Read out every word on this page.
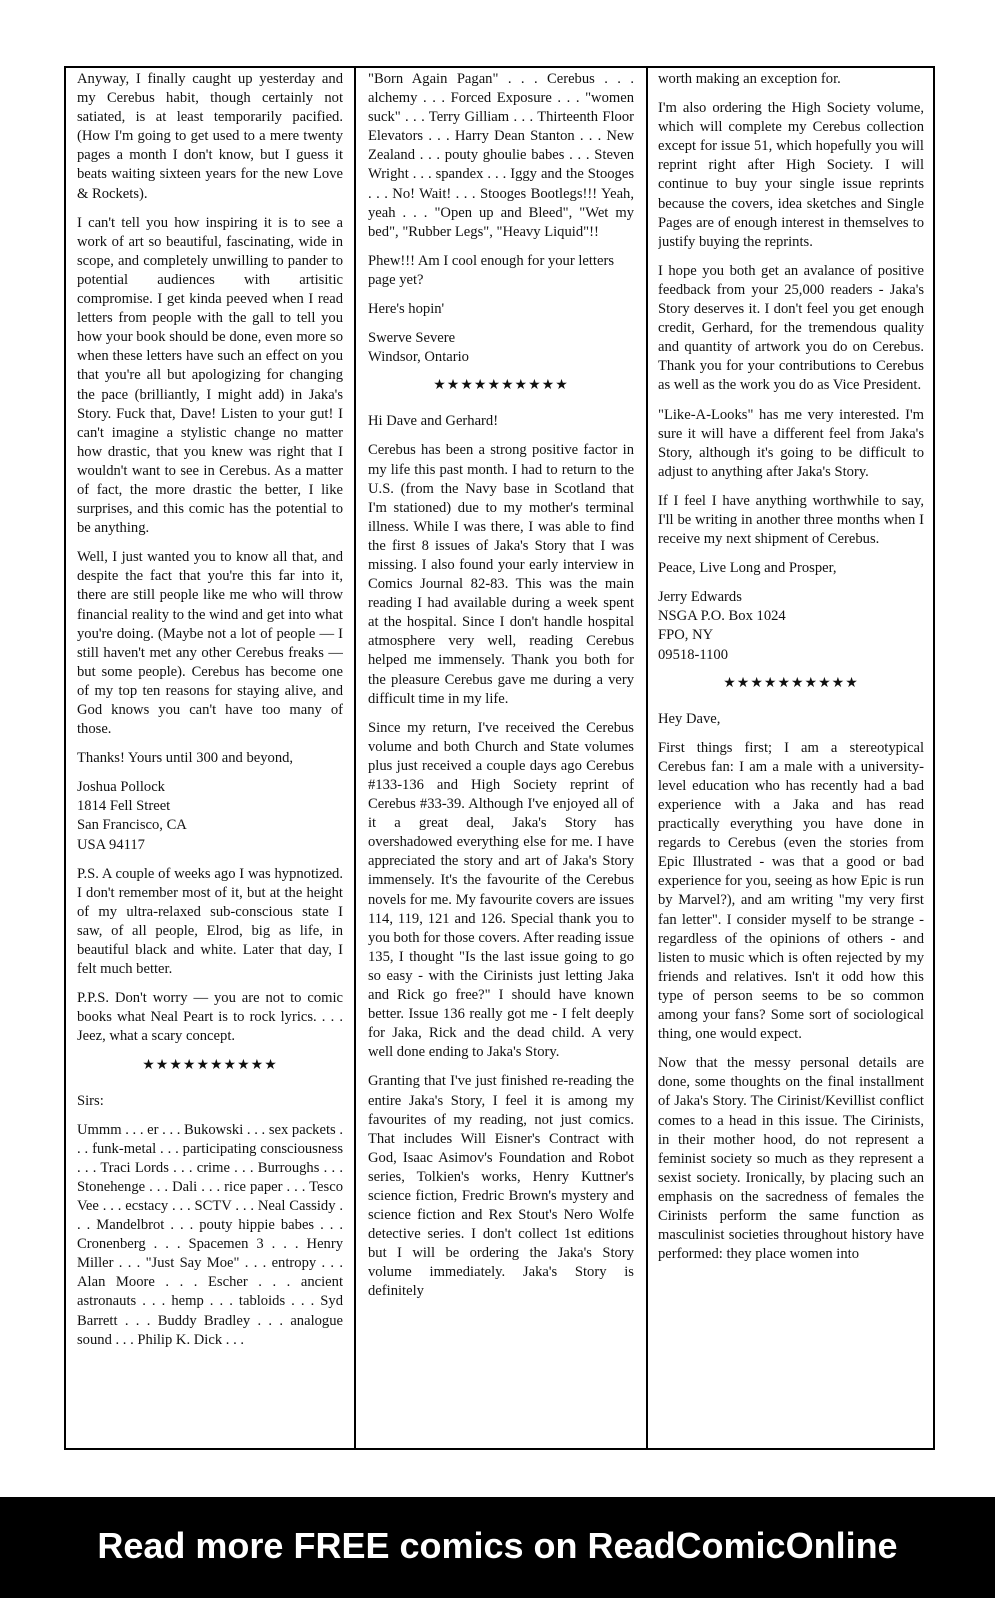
Anyway, I finally caught up yesterday and my Cerebus habit, though certainly not satiated, is at least temporarily pacified. (How I'm going to get used to a mere twenty pages a month I don't know, but I guess it beats waiting sixteen years for the new Love & Rockets).

I can't tell you how inspiring it is to see a work of art so beautiful, fascinating, wide in scope, and completely unwilling to pander to potential audiences with artisitic compromise. I get kinda peeved when I read letters from people with the gall to tell you how your book should be done, even more so when these letters have such an effect on you that you're all but apologizing for changing the pace (brilliantly, I might add) in Jaka's Story. Fuck that, Dave! Listen to your gut! I can't imagine a stylistic change no matter how drastic, that you knew was right that I wouldn't want to see in Cerebus. As a matter of fact, the more drastic the better, I like surprises, and this comic has the potential to be anything.

Well, I just wanted you to know all that, and despite the fact that you're this far into it, there are still people like me who will throw financial reality to the wind and get into what you're doing. (Maybe not a lot of people — I still haven't met any other Cerebus freaks — but some people). Cerebus has become one of my top ten reasons for staying alive, and God knows you can't have too many of those.

Thanks! Yours until 300 and beyond,

Joshua Pollock
1814 Fell Street
San Francisco, CA
USA 94117

P.S. A couple of weeks ago I was hypnotized. I don't remember most of it, but at the height of my ultra-relaxed sub-conscious state I saw, of all people, Elrod, big as life, in beautiful black and white. Later that day, I felt much better.

P.P.S. Don't worry — you are not to comic books what Neal Peart is to rock lyrics. . . . Jeez, what a scary concept.

★★★★★★★★★★

Sirs:

Ummm . . . er . . . Bukowski . . . sex packets . . . funk-metal . . . participating consciousness . . . Traci Lords . . . crime . . . Burroughs . . . Stonehenge . . . Dali . . . rice paper . . . Tesco Vee . . . ecstacy . . . SCTV . . . Neal Cassidy . . . Mandelbrot . . . pouty hippie babes . . . Cronenberg . . . Spacemen 3 . . . Henry Miller . . . "Just Say Moe" . . . entropy . . . Alan Moore . . . Escher . . . ancient astronauts . . . hemp . . . tabloids . . . Syd Barrett . . . Buddy Bradley . . . analogue sound . . . Philip K. Dick . . .

"Born Again Pagan" . . . Cerebus . . . alchemy . . . Forced Exposure . . . "women suck" . . . Terry Gilliam . . . Thirteenth Floor Elevators . . . Harry Dean Stanton . . . New Zealand . . . pouty ghoulie babes . . . Steven Wright . . . spandex . . . Iggy and the Stooges . . . No! Wait! . . . Stooges Bootlegs!!! Yeah, yeah . . . "Open up and Bleed", "Wet my bed", "Rubber Legs", "Heavy Liquid"!!

Phew!!! Am I cool enough for your letters page yet?

Here's hopin'

Swerve Severe
Windsor, Ontario

★★★★★★★★★★

Hi Dave and Gerhard!

Cerebus has been a strong positive factor in my life this past month. I had to return to the U.S. (from the Navy base in Scotland that I'm stationed) due to my mother's terminal illness. While I was there, I was able to find the first 8 issues of Jaka's Story that I was missing. I also found your early interview in Comics Journal 82-83. This was the main reading I had available during a week spent at the hospital. Since I don't handle hospital atmosphere very well, reading Cerebus helped me immensely. Thank you both for the pleasure Cerebus gave me during a very difficult time in my life.

Since my return, I've received the Cerebus volume and both Church and State volumes plus just received a couple days ago Cerebus #133-136 and High Society reprint of Cerebus #33-39. Although I've enjoyed all of it a great deal, Jaka's Story has overshadowed everything else for me. I have appreciated the story and art of Jaka's Story immensely. It's the favourite of the Cerebus novels for me. My favourite covers are issues 114, 119, 121 and 126. Special thank you to you both for those covers. After reading issue 135, I thought "Is the last issue going to go so easy - with the Cirinists just letting Jaka and Rick go free?" I should have known better. Issue 136 really got me - I felt deeply for Jaka, Rick and the dead child. A very well done ending to Jaka's Story.

Granting that I've just finished re-reading the entire Jaka's Story, I feel it is among my favourites of my reading, not just comics. That includes Will Eisner's Contract with God, Isaac Asimov's Foundation and Robot series, Tolkien's works, Henry Kuttner's science fiction, Fredric Brown's mystery and science fiction and Rex Stout's Nero Wolfe detective series. I don't collect 1st editions but I will be ordering the Jaka's Story volume immediately. Jaka's Story is definitely

worth making an exception for.

I'm also ordering the High Society volume, which will complete my Cerebus collection except for issue 51, which hopefully you will reprint right after High Society. I will continue to buy your single issue reprints because the covers, idea sketches and Single Pages are of enough interest in themselves to justify buying the reprints.

I hope you both get an avalance of positive feedback from your 25,000 readers - Jaka's Story deserves it. I don't feel you get enough credit, Gerhard, for the tremendous quality and quantity of artwork you do on Cerebus. Thank you for your contributions to Cerebus as well as the work you do as Vice President.

"Like-A-Looks" has me very interested. I'm sure it will have a different feel from Jaka's Story, although it's going to be difficult to adjust to anything after Jaka's Story.

If I feel I have anything worthwhile to say, I'll be writing in another three months when I receive my next shipment of Cerebus.

Peace, Live Long and Prosper,

Jerry Edwards
NSGA P.O. Box 1024
FPO, NY
09518-1100

★★★★★★★★★★

Hey Dave,

First things first; I am a stereotypical Cerebus fan: I am a male with a university-level education who has recently had a bad experience with a Jaka and has read practically everything you have done in regards to Cerebus (even the stories from Epic Illustrated - was that a good or bad experience for you, seeing as how Epic is run by Marvel?), and am writing "my very first fan letter". I consider myself to be strange - regardless of the opinions of others - and listen to music which is often rejected by my friends and relatives. Isn't it odd how this type of person seems to be so common among your fans? Some sort of sociological thing, one would expect.

Now that the messy personal details are done, some thoughts on the final installment of Jaka's Story. The Cirinist/Kevillist conflict comes to a head in this issue. The Cirinists, in their mother hood, do not represent a feminist society so much as they represent a sexist society. Ironically, by placing such an emphasis on the sacredness of females the Cirinists perform the same function as masculinist societies throughout history have performed: they place women into

Read more FREE comics on ReadComicOnline
